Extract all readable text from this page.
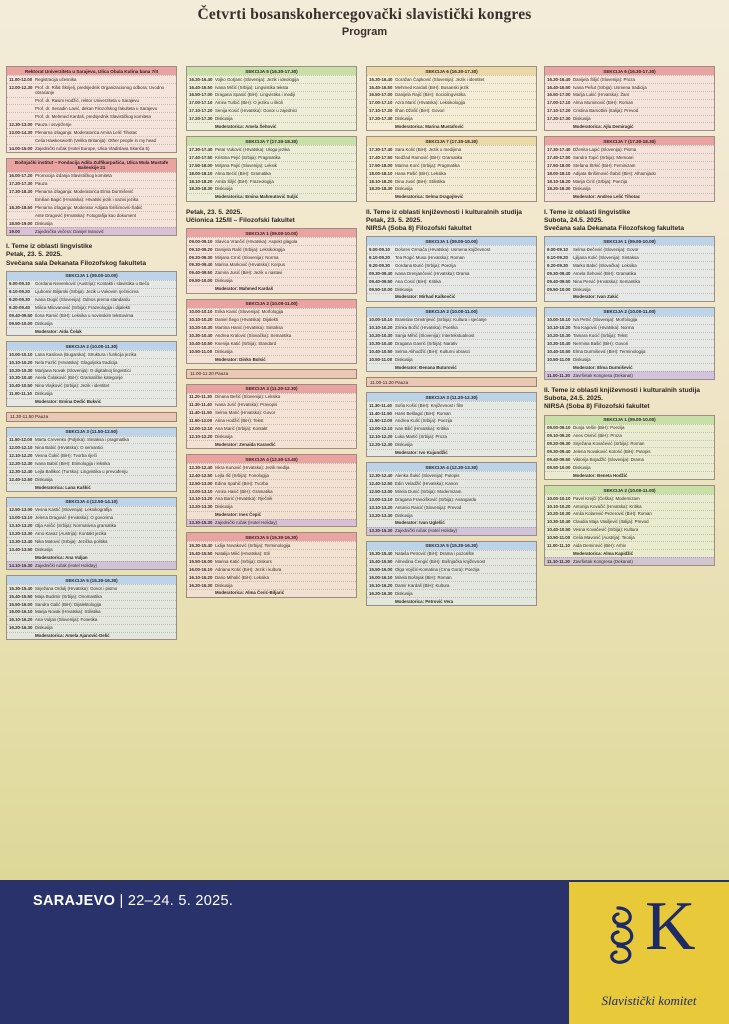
Četvrti bosanskohercegovački slavistički kongres
Program
Rektorat Univerziteta u Sarajevu, Ulica Obala Kulina bana 7/II
11.00-12.00 Registracija učesnika
12.00-12.30 Prof. dr. Rifat Škrijelj, predsjednik Organizacionog odbora: Uvodno obraćanje
Prof. dr. Rasim Hodžić, rektor Univerziteta u Sarajevu
Prof. dr. Senadin Lavić, dekan Filozofskog fakulteta u Sarajevu
Prof. dr. Mehmed Kardaš, predsjednik Slavističkog komiteta
12.30-13.00 Pauza i osvježenje
13.00-14.30 Plenarna izlaganja: Moderatorica Amira Lelić Tihotac
Celia Hawkesworth (Velika Britanija): Other people in my head
14.00-15.00 Zajednički ručak (Hotel Europe, Ulica Vladislava Skarića 5)
Bošnjački institut – Fondacija Adila Zulfikarpašića, Ulica Mula Mustafe Bašeskije 21
16.00-17.20 Promocija izdanja Slavističkog komiteta
17.20-17.30 Pauza
17.30-18.30 Plenarna izlaganja: Moderatorica Elma Durmišević
Emilian Bagić (Hrvatska): Hrvatski jezik i nazivi jezika
18.30-18.50 Plenarna izlaganja: Moderator Adijata Ibrišimović-Šabić
Ante Dragović (Hrvatska): Fotografija kao dokument
18.50-19.00 Diskusija
19.00	Zajednička večera: Danijel Ivanović
I. Teme iz oblasti lingvistike
Petak, 23. 5. 2025.
Svečana sala Dekanata Filozofskog fakulteta
SEKCIJA 1 (09.00-10.00)
9.00-09.10	Gordana Nevenković (Austrija): Kontakti i slavistika u Beču
9.10-09.20	Ljubomir Biljarski (Srbija): Jezik u Vukovim rječnicima
9.20-09.30	Ivana Dugić (Slovenija): Odnos prema standardu
9.30-09.40	Milica Milovanović (Srbija): Frazeologija i dijalekti
09.40-09.50 Ilona Ramić (BiH): Leksika u novinskim tekstovima
09.50-10.00 Diskusija
Moderator: Aida Čolak
SEKCIJA 2 (10.00-11.30)
10.00-10.10 Lana Kasilova (Bugarska): Struktura i funkcija jezika
10.10-10.20 Nela Fazlić (Hrvatska): Glagoljska tradicija
10.20-10.30 Marijana Novak (Slovenija): O digitalnoj lingvistici
10.30-10.40 Anela Čolaković (BiH): Gramatičke kategorije
10.40-10.50 Nina Vlajković (Srbija): Jezik i identitet
11.00-11.10 Diskusija
Moderator: Emina Dedić Bukvić
11.30-11.50 Pauza
SEKCIJA 3 (11.50-12.50)
11.50-12.00 Marta Crevenko (Poljska): Sintaksa i pragmatika
12.00-12.10 Nina Babić (Hrvatska): O semantici
12.10-12.20 Vesna Čukić (BiH): Tvorba riječi
12.20-12.30 Ivana Babić (BiH): Etimologija i leksika
12.30-12.40 Lejla Ballikoc (Turska): Lingvistika u prevođenju
12.40-12.50 Diskusija
Moderatorica: Lana Kaškić
SEKCIJA 4 (12.50-14.10)
12.50-13.00 Vesna Kastić (Slovenija): Leksikografija
13.00-13.10 Jelena Dragović (Hrvatska): O govorima
13.10-13.20 Olja Aničić (Srbija): Normativna gramatika
13.20-13.30 Arno Kavaz (Austrija): Kontakt jezika
13.30-13.40 Nika Matović (Srbija): Jezička politika
13.40-13.50 Diskusija
Moderatorica: Ana Vuljan
14.10-15.30 Zajednički ručak (Hotel Holiday)
SEKCIJA 5 (15.30-16.30)
15.30-15.40 Snježana Ordulj (Hrvatska): Govor i pismo
15.40-15.50 Maja Budimir (Srbija): Onomastika
15.50-16.00 Sandra Galić (BiH): Dijalektologija
16.00-16.10 Marija Novak (Hrvatska): Stilistika
16.10-16.20 Ana Vuljan (Slovenija): Fonetika
16.20-16.30 Diskusija
Moderatorica: Amela Ajanović-Delić
SEKCIJA 5 (16.30-17.30)
16.30-16.40 Vojko Gorjanc (Slovenija): Jezik i ideologija
16.40-16.50 Ivana Mičić (Srbija): Lingvistika teksta
16.50-17.00 Dragana Spasić (BiH): Lingvistika i mediji
17.00-17.10 Amira Turbić (BiH): O jeziku u školi
17.10-17.20 Senija Kosić (Hrvatska): Govor u zajednici
17.20-17.30 Diskusija
Moderatorica: Amela Šehović
SEKCIJA 7 (17.30-18.30)
17.30-17.40 Petar Vuković (Hrvatska): Uloga jezika
17.40-17.50 Kristina Pejić (Srbija): Pragmatika
17.50-18.00 Mirjana Pajić (Slovenija): Leksik
18.00-18.10 Alma Bećić (BiH): Gramatika
18.10-18.20 Amila Šiljić (BiH): Frazeologija
18.20-18.30 Diskusija
Moderatorica: Emina Mahmutović Suljić
Petak, 23. 5. 2025.
Učionica 125/II – Filozofski fakultet
SEKCIJA 1 (09.00-10.00)
09.00-09.10 Slavica Vrančić (Hrvatska): Aspekt glagola
09.10-09.20 Danijela Ralić (Srbija): Leksikologija
09.20-09.30 Mirjana Crnić (Slovenija): Norma
09.30-09.40 Marina Marković (Hrvatska): Korpus
09.40-09.50 Zamira Jusić (BiH): Jezik u nastavi
09.50-10.00 Diskusija
Moderator: Mahmed Kardaš
SEKCIJA 2 (10.00-11.00)
10.00-10.10 Erika Kanić (Slovenija): Morfologija
10.10-10.20 Daniel Šego (Hrvatska): Dijalekti
10.20-10.30 Martina Hanić (Hrvatska): Sintaksa
10.30-10.40 Andrea Kralović (Slovačka): Semantika
10.40-10.50 Ksenija Katić (Srbija): Standard
10.50-11.00 Diskusija
Moderator: Dinko Bolsić
11.00-11.20 Pauza
SEKCIJA 3 (11.20-12.30)
11.20-11.30 Dinana Bešić (Slovenija): Leksika
11.30-11.40 Ivana Jurić (Hrvatska): Pravopis
11.40-11.50 Selma Marić (Hrvatska): Govor
11.50-12.00 Alma Hodžić (BiH): Tekst
12.00-12.10 Ana Marić (Srbija): Kontakt
12.10-12.20 Diskusija
Moderator: Zenaida Karavdić
SEKCIJA 4 (12.30-13.40)
12.30-12.40 Iskra Kunović (Hrvatska): Jezik medija
12.40-12.50 Lejla Ilić (Srbija): Fonologija
12.50-13.00 Edina Spahić (BiH): Tvorba
13.00-13.10 Amira Hasić (BiH): Gramatika
13.10-13.20 Ana Barić (Hrvatska): Rječnik
13.20-13.30 Diskusija
Moderator: Ines Čepić
13.30-15.30 Zajednički ručak (Hotel Holiday)
SEKCIJA 5 (15.30-16.30)
15.30-15.40 Lidija Novaković (Srbija): Terminologija
15.40-15.50 Natalija Milić (Hrvatska): Stil
15.50-16.00 Marina Katić (Srbija): Diskurs
16.00-16.10 Adriana Kotić (BiH): Jezik i kultura
16.10-16.20 Dario Mihalić (BiH): Leksika
16.20-16.30 Diskusija
Moderatorica: Alma Čerić-Biljarić
SEKCIJA 6 (16.30-17.30)
16.30-16.40 Goražan Čapković (Slovenija): Jezik i identitet
16.40-16.50 Mehmed Kardaš (BiH): Bosanski jezik
16.50-17.00 Danijela Rajić (BiH): Sociolingvistika
17.00-17.10 Azra Marić (Hrvatska): Leksikologija
17.10-17.20 Ilhan Džafić (BiH): Govori
17.20-17.30 Diskusija
Moderatorica: Marina Mustafović
SEKCIJA 7 (17.30-18.30)
17.30-17.40 Sara Kolić (BiH): Jezik u medijima
17.40-17.50 Nedžad Ramović (BiH): Gramatika
17.50-18.00 Marina Korić (Srbija): Pragmatika
18.00-18.10 Hana Pašić (BiH): Leksika
18.10-18.20 Dina Jusić (BiH): Stilistika
18.20-18.30 Diskusija
Moderatorica: Selma Dragojlović
II. Teme iz oblasti književnosti i kulturalnih studija
Petak, 23. 5. 2025.
NIRSA (Soba 8) Filozofski fakultet
SEKCIJA 1 (09.00-10.00)
9.00-09.10	Dolores Grmača (Hrvatska): Usmena književnost
9.10-09.20	Tea Rogić Musa (Hrvatska): Roman
9.20-09.30	Gordana Đurić (Srbija): Poezija
09.30-09.40 Ivana Drenjančević (Hrvatska): Drama
09.40-09.50 Ana Ćosić (BiH): Kritika
09.50-10.00 Diskusija
Moderator: Mirhad Kalkovčić
SEKCIJA 2 (10.00-11.00)
10.00-10.10 Branislav Dimitrijević (Srbija): Kultura i sjećanje
10.10-10.20 Zrinka Božić (Hrvatska): Poetika
10.20-10.30 Sanja Mihić (Slovenija): Intertekstualnost
10.30-10.40 Dragana Gavrić (Srbija): Narativ
10.40-10.50 Selma Alihodžić (BiH): Kulturni obrasci
10.50-11.00 Diskusija
Moderator: Đenana Buturović
11.00-11.20 Pauza
SEKCIJA 3 (11.20-12.30)
11.30-11.40 Sofia Košić (BiH): Književnost i film
11.40-11.50 Haris Bešlagić (BiH): Roman
11.50-12.00 Andrea Kulić (Srbija): Poezija
12.00-12.10 Ivan Bilić (Hrvatska): Kritika
12.10-12.20 Luka Martić (Srbija): Proza
12.20-12.30 Diskusija
Moderator: Ivo Kujundžić
SEKCIJA 4 (12.30-13.30)
12.30-12.40 Alenka Šukić (Slovenija): Putopis
12.40-12.50 Edin Veladžić (Hrvatska): Kanon
12.50-13.00 Mirela Dunić (Srbija): Modernizam
13.00-13.10 Dragana Francišković (Srbija): Avangarda
13.10-13.20 Antonio Raicić (Slovenija): Prevod
13.20-13.30 Diskusija
Moderator: Ivan Uglešić
13.30-15.30 Zajednički ručak (Hotel Holiday)
SEKCIJA 5 (15.30-16.30)
15.30-15.40 Nataša Petrović (BiH): Drama i pozorište
15.40-15.50 Almedina Čengić (BiH): Bošnjačka književnost
15.50-16.00 Olga Vojičić-Komatina (Crna Gora): Poezija
16.00-16.10 Mirela Bošnjak (BiH): Roman
16.10-16.20 Damir Kardaš (BiH): Kultura
16.20-16.30 Diskusija
Moderatorica: Petrović Vera
SEKCIJA 6 (16.30-17.30)
16.30-16.40 Danijela Šiljić (Slovenija): Proza
16.40-16.50 Ivana Pešut (Srbija): Usmena tradicija
16.50-17.00 Marija Lukić (Hrvatska): Žanr
17.00-17.10 Alma Muminović (BiH): Roman
17.10-17.20 Cristina Barsottini (Italija): Prevod
17.20-17.30 Diskusija
Moderatorica: Ajla Demiragić
SEKCIJA 7 (17.30-18.30)
17.30-17.40 Dženita Lapić (Slovenija): Pisma
17.40-17.50 Sandra Topić (Srbija): Memoari
17.50-18.00 Stefana Štrkić (BiH): Feminizam
18.00-18.10 Adijata Ibrišimović-Šabić (BiH): Alhamijado
18.10-18.20 Marija Ćirić (Srbija): Poezija
18.20-18.30 Diskusija
Moderator: Andrea Lelić Tihotac
I. Teme iz oblasti lingvistike
Subota, 24.5. 2025.
Svečana sala Dekanata Filozofskog fakulteta
SEKCIJA 1 (09.00-10.00)
9.00-09.10	Selma Đečević (Slovenija): Govor
9.10-09.20	Ljiljana Kolić (Slovenija): Sintaksa
9.20-09.30	Marko Babić (Slovačka): Leksika
09.30-09.40 Amela Šehović (BiH): Gramatika
09.40-09.50 Nina Pervić (Hrvatska): Semantika
09.50-10.00 Diskusija
Moderator: Ivan Zakić
SEKCIJA 2 (10.00-11.00)
10.00-10.10 Iva Petrić (Slovenija): Morfologija
10.10-10.20 Tea Kapović (Hrvatska): Norma
10.20-10.30 Tamara Kucić (Srbija): Tekst
10.30-10.40 Nermina Bašić (BiH): Govori
10.40-10.50 Elma Durmišević (BiH): Terminologija
10.50-11.00 Diskusija
Moderator: Elma Durmišević
11.00-11.30 Završetak Kongresa (Dekanat)
II. Teme iz oblasti književnosti i kulturalnih studija
Subota, 24.5. 2025.
NIRSA (Soba 8) Filozofski fakultet
SEKCIJA 1 (09.00-10.00)
09.00-09.10 Dunja Vešin (BiH): Poezija
09.10-09.20 Anes Osmić (BiH): Proza
09.20-09.30 Snježana Kovačević (Srbija): Roman
09.30-09.40 Jelena Novaković Kotorić (BiH): Putopis
09.40-09.50 Viktorija Bojadžić (Slovenija): Drama
09.50-10.00 Diskusija
Moderator: Đeneta Hodžić
SEKCIJA 2 (10.00-11.00)
10.00-10.10 Pavel Krejčí (Češka): Modernizam
10.10-10.20 Antonija Kovačić (Hrvatska): Kritika
10.20-10.30 Amila Kolarević-Pezerović (BiH): Roman
10.30-10.40 Claudia Maja Vasiljević (Italija): Prevod
10.40-10.50 Vesna Kovačević (Srbija): Kultura
10.50-11.00 Celia Mavonić (Austrija): Teorija
11.00-11.10 Aida Demirović (BiH): Arhiv
Moderatorica: Alma Kapidžić
11.10-11.30 Završetak Kongresa (Dekanat)
SARAJEVO | 22–24. 5. 2025.	K
Slavistički komitet
